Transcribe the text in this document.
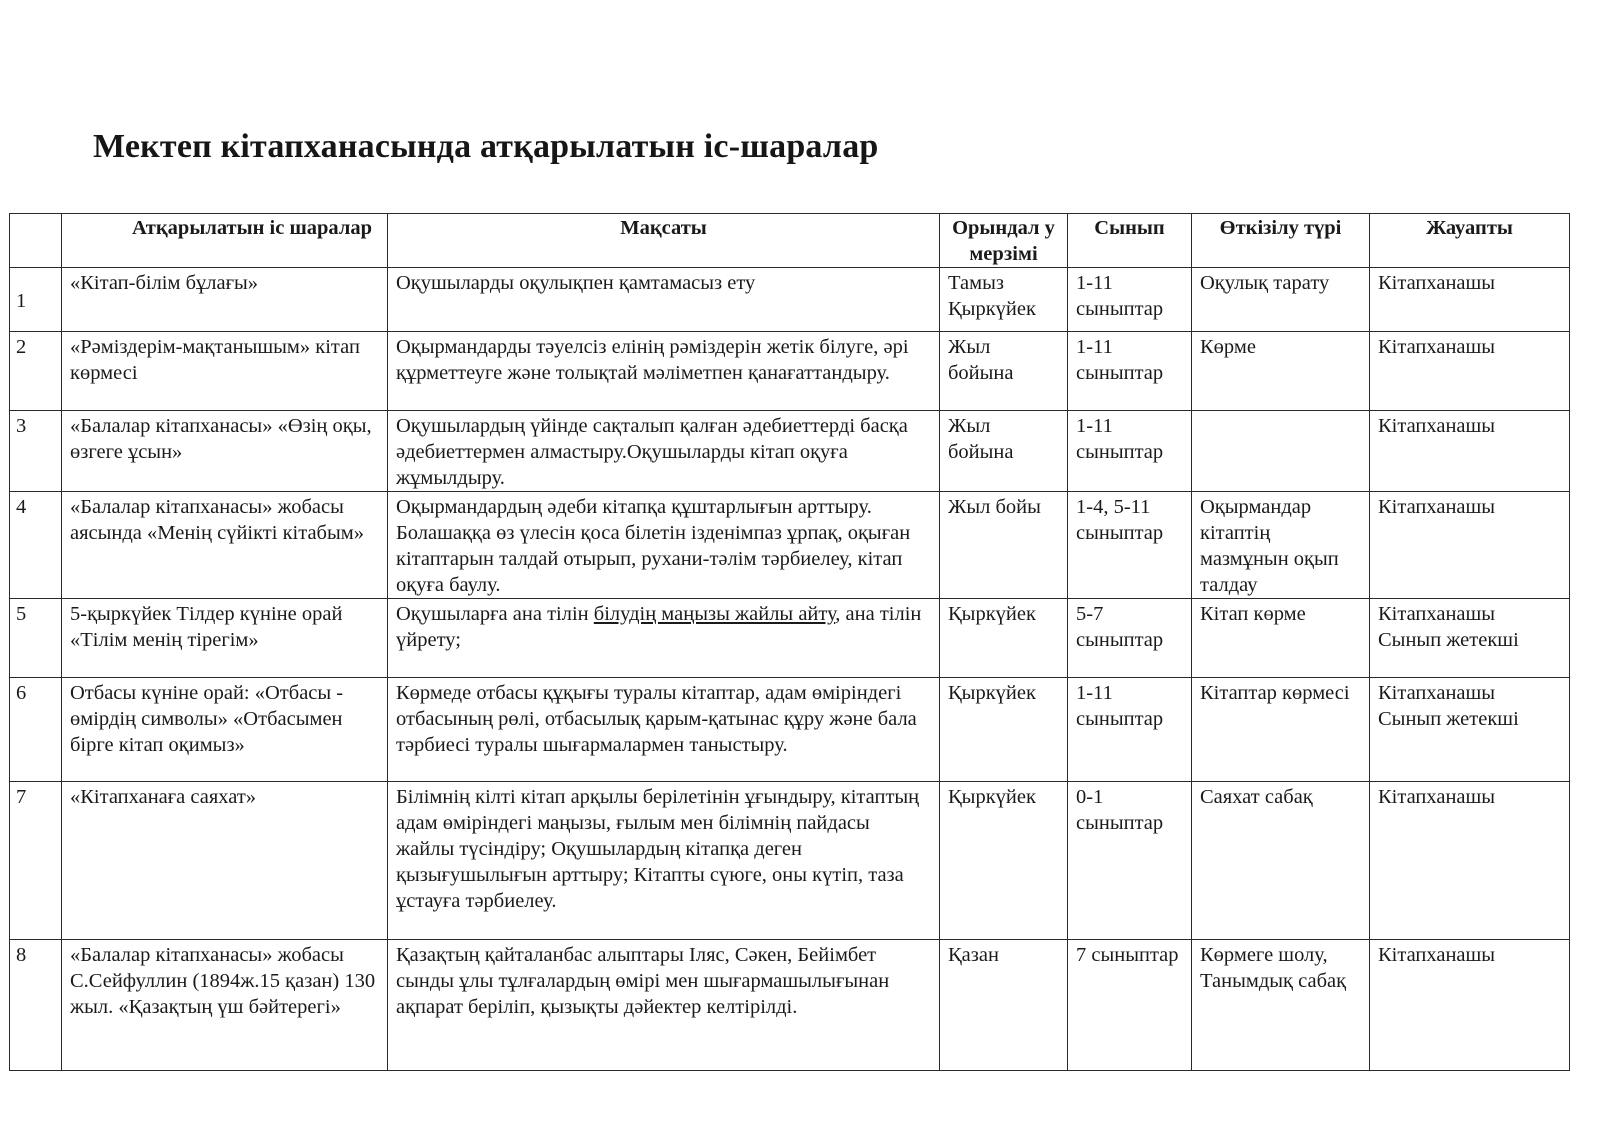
Мектеп кітапханасында атқарылатын іс-шаралар
	Атқарылатын іс шаралар	Мақсаты	Орындал у мерзімі	Сынып	Өткізілу түрі	Жауапты

1	«Кітап-білім бұлағы»	Оқушыларды оқулықпен қамтамасыз ету	Тамыз Қыркүйек	1-11 сыныптар	Оқулық тарату	Кітапханашы
2	«Рәміздерім-мақтанышым» кітап көрмесі	Оқырмандарды тәуелсіз елінің рәміздерін жетік білуге, әрі құрметтеуге және толықтай мәліметпен қанағаттандыру.	Жыл бойына	1-11 сыныптар	Көрме	Кітапханашы
3	«Балалар кітапханасы» «Өзің оқы, өзгеге ұсын»	Оқушылардың үйінде сақталып қалған әдебиеттерді басқа әдебиеттермен алмастыру.Оқушыларды кітап оқуға жұмылдыру.	Жыл бойына	1-11 сыныптар		Кітапханашы
4	«Балалар кітапханасы» жобасы аясында «Менің сүйікті кітабым»	Оқырмандардың әдеби кітапқа құштарлығын арттыру. Болашаққа өз үлесін қоса білетін ізденімпаз ұрпақ, оқыған кітаптарын талдай отырып, рухани-тәлім тәрбиелеу, кітап оқуға баулу.	Жыл бойы	1-4, 5-11 сыныптар	Оқырмандар кітаптің мазмұнын оқып талдау	Кітапханашы
5	5-қыркүйек Тілдер күніне орай «Тілім менің тірегім»	Оқушыларға ана тілін білудің маңызы жайлы айту, ана тілін үйрету;	Қыркүйек	5-7 сыныптар	Кітап көрме	Кітапханашы Сынып жетекші
6	Отбасы күніне орай: «Отбасы - өмірдің символы» «Отбасымен бірге кітап оқимыз»	Көрмеде отбасы құқығы туралы кітаптар, адам өміріндегі отбасының рөлі, отбасылық қарым-қатынас құру және бала тәрбиесі туралы шығармалармен таныстыру.	Қыркүйек	1-11 сыныптар	Кітаптар көрмесі	Кітапханашы Сынып жетекші
7	«Кітапханаға саяхат»	Білімнің кілті кітап арқылы берілетінін ұғындыру, кітаптың адам өміріндегі маңызы, ғылым мен білімнің пайдасы жайлы түсіндіру; Оқушылардың кітапқа деген қызығушылығын арттыру; Кітапты сүюге, оны күтіп, таза ұстауға тәрбиелеу.	Қыркүйек	0-1 сыныптар	Саяхат сабақ	Кітапханашы
8	«Балалар кітапханасы» жобасы С.Сейфуллин (1894ж.15 қазан) 130 жыл. «Қазақтың үш бәйтерегі»	Қазақтың қайталанбас алыптары Іляс, Сәкен, Бейімбет сынды ұлы тұлғалардың өмірі мен шығармашылығынан ақпарат беріліп, қызықты дәйектер келтірілді.	Қазан	7 сыныптар	Көрмеге шолу, Танымдық сабақ	Кітапханашы
